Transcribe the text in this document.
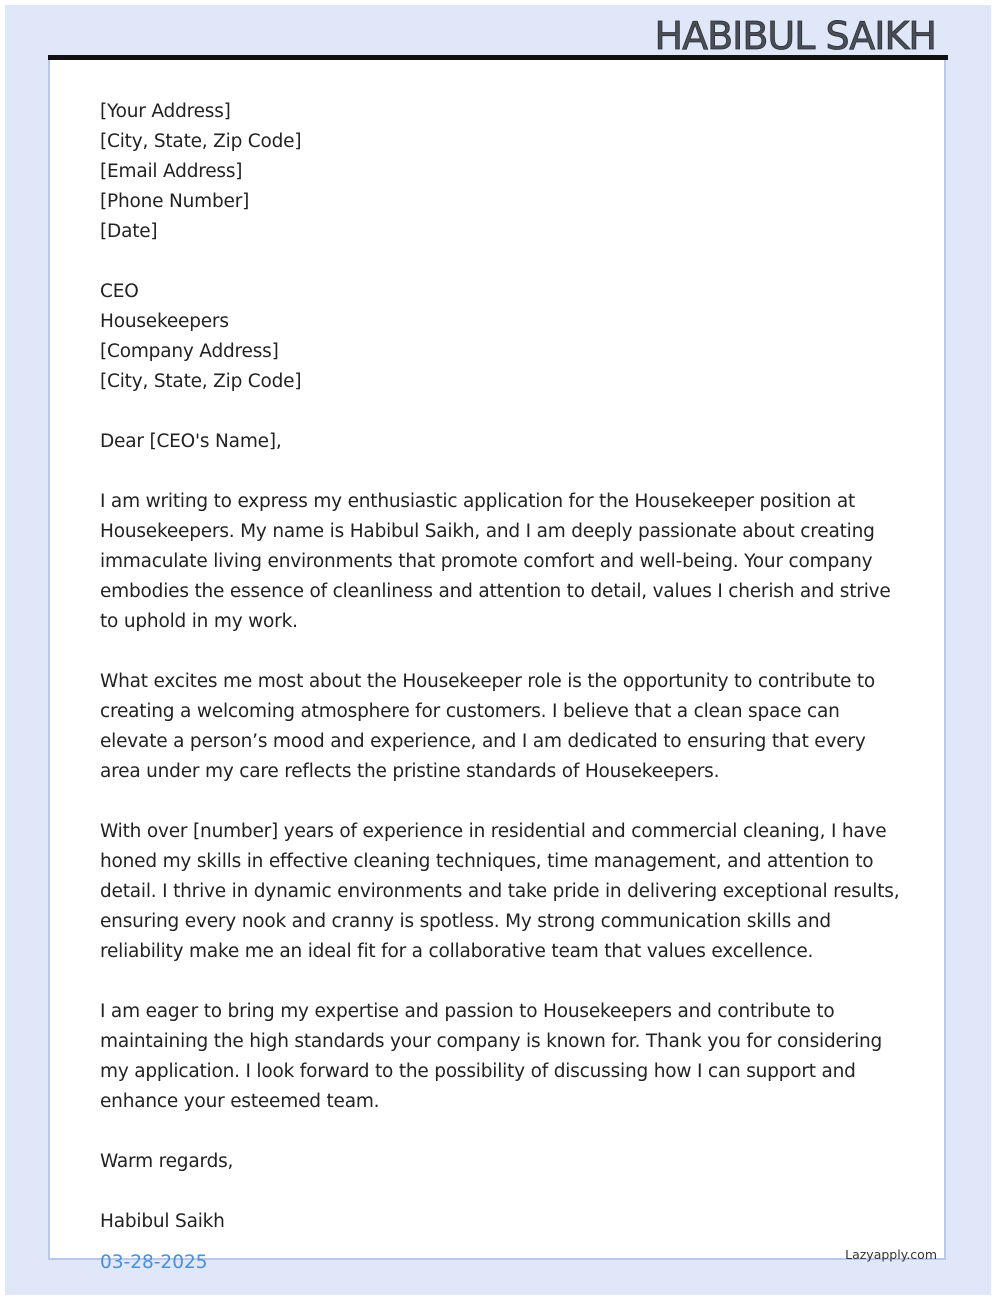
HABIBUL SAIKH
[Your Address]
[City, State, Zip Code]
[Email Address]
[Phone Number]
[Date]
CEO
Housekeepers
[Company Address]
[City, State, Zip Code]

Dear [CEO's Name],

I am writing to express my enthusiastic application for the Housekeeper position at Housekeepers. My name is Habibul Saikh, and I am deeply passionate about creating immaculate living environments that promote comfort and well-being. Your company embodies the essence of cleanliness and attention to detail, values I cherish and strive to uphold in my work.

What excites me most about the Housekeeper role is the opportunity to contribute to creating a welcoming atmosphere for customers. I believe that a clean space can elevate a person’s mood and experience, and I am dedicated to ensuring that every area under my care reflects the pristine standards of Housekeepers.

With over [number] years of experience in residential and commercial cleaning, I have honed my skills in effective cleaning techniques, time management, and attention to detail. I thrive in dynamic environments and take pride in delivering exceptional results, ensuring every nook and cranny is spotless. My strong communication skills and reliability make me an ideal fit for a collaborative team that values excellence.

I am eager to bring my expertise and passion to Housekeepers and contribute to maintaining the high standards your company is known for. Thank you for considering my application. I look forward to the possibility of discussing how I can support and enhance your esteemed team.

Warm regards,

Habibul Saikh

03-28-2025	Lazyapply.com
